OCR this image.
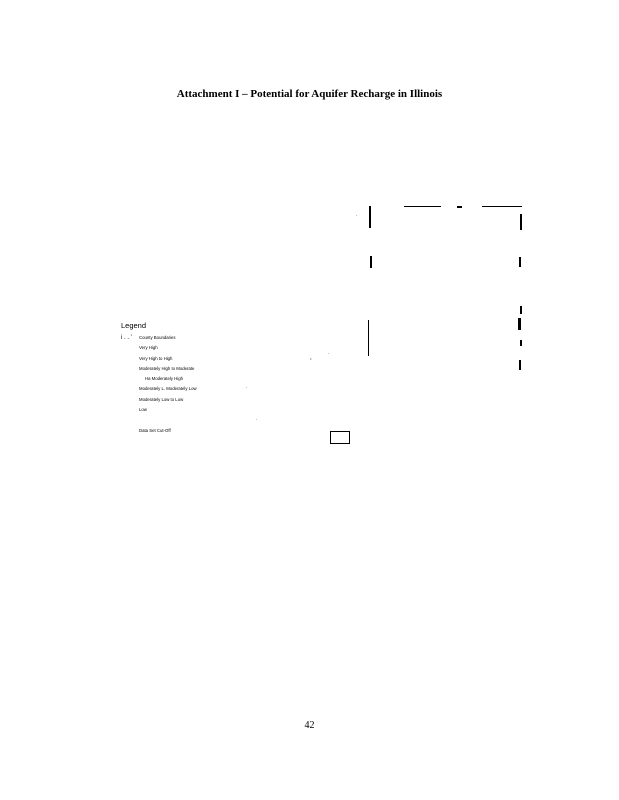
Attachment I – Potential for Aquifer Recharge in Illinois
·
›
·
·
·
Legend
i . . ' County Boundaries
Very High
Very High to High
Moderately High to Moderate
Ha Moderately High
Moderately L. Moderately Low
Moderately Low to Low
Low
Data Set Cut-Off
42
